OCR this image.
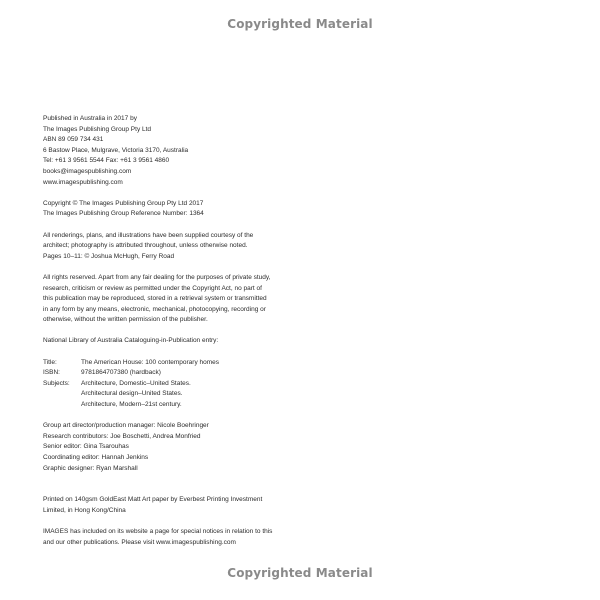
Copyrighted Material
Published in Australia in 2017 by
The Images Publishing Group Pty Ltd
ABN 89 059 734 431
6 Bastow Place, Mulgrave, Victoria 3170, Australia
Tel: +61 3 9561 5544 Fax: +61 3 9561 4860
books@imagespublishing.com
www.imagespublishing.com
Copyright © The Images Publishing Group Pty Ltd 2017
The Images Publishing Group Reference Number: 1364
All renderings, plans, and illustrations have been supplied courtesy of the
architect; photography is attributed throughout, unless otherwise noted.
Pages 10–11: © Joshua McHugh, Ferry Road
All rights reserved. Apart from any fair dealing for the purposes of private study,
research, criticism or review as permitted under the Copyright Act, no part of
this publication may be reproduced, stored in a retrieval system or transmitted
in any form by any means, electronic, mechanical, photocopying, recording or
otherwise, without the written permission of the publisher.
National Library of Australia Cataloguing-in-Publication entry:
Title:	The American House: 100 contemporary homes
ISBN:	9781864707380 (hardback)
Subjects:	Architecture, Domestic–United States.
Architectural design–United States.
Architecture, Modern–21st century.
Group art director/production manager: Nicole Boehringer
Research contributors: Joe Boschetti, Andrea Monfried
Senior editor: Gina Tsarouhas
Coordinating editor: Hannah Jenkins
Graphic designer: Ryan Marshall
Printed on 140gsm GoldEast Matt Art paper by Everbest Printing Investment
Limited, in Hong Kong/China
IMAGES has included on its website a page for special notices in relation to this
and our other publications. Please visit www.imagespublishing.com
Copyrighted Material
